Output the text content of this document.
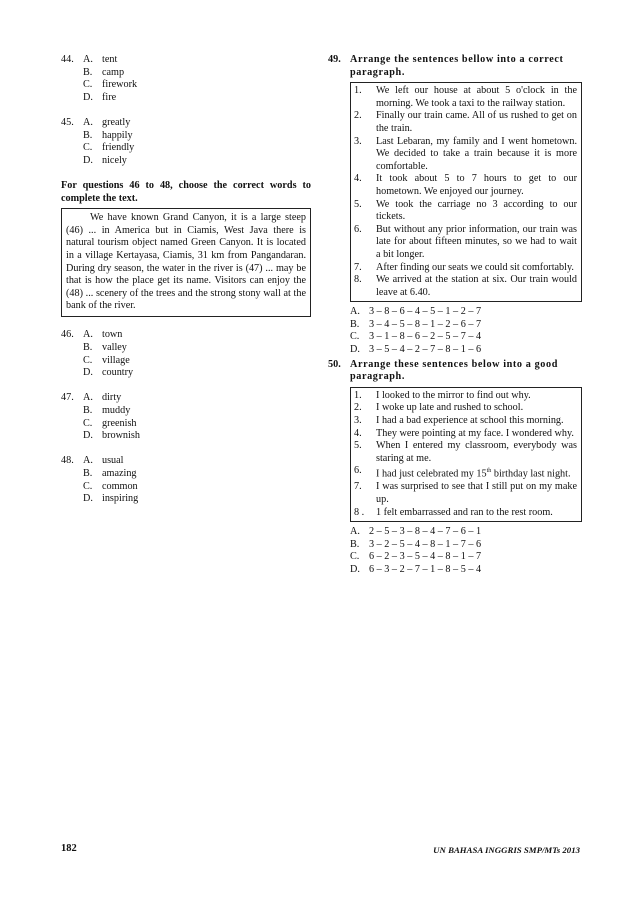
44. A. tent
B. camp
C. firework
D. fire
45. A. greatly
B. happily
C. friendly
D. nicely

For questions 46 to 48, choose the correct words to complete the text.

We have known Grand Canyon, it is a large steep (46) ... in America but in Ciamis, West Java there is natural tourism object named Green Canyon. It is located in a village Kertayasa, Ciamis, 31 km from Pangandaran. During dry season, the water in the river is (47) ... may be that is how the place get its name. Visitors can enjoy the (48) ... scenery of the trees and the strong stony wall at the bank of the river.

46. A. town
B. valley
C. village
D. country
47. A. dirty
B. muddy
C. greenish
D. brownish
48. A. usual
B. amazing
C. common
D. inspiring
49. Arrange the sentences bellow into a correct paragraph.
1.	We left our house at about 5 o'clock in the morning. We took a taxi to the railway station.
2.	Finally our train came. All of us rushed to get on the train.
3.	Last Lebaran, my family and I went hometown. We decided to take a train because it is more comfortable.
4.	It took about 5 to 7 hours to get to our hometown. We enjoyed our journey.
5.	We took the carriage no 3 according to our tickets.
6.	But without any prior information, our train was late for about fifteen minutes, so we had to wait a bit longer.
7.	After finding our seats we could sit comfortably.
8.	We arrived at the station at six. Our train would leave at 6.40.
A. 3 – 8 – 6 – 4 – 5 – 1 – 2 – 7
B. 3 – 4 – 5 – 8 – 1 – 2 – 6 – 7
C. 3 – 1 – 8 – 6 – 2 – 5 – 7 – 4
D. 3 – 5 – 4 – 2 – 7 – 8 – 1 – 6
50. Arrange these sentences below into a good paragraph.
1.	I looked to the mirror to find out why.
2.	I woke up late and rushed to school.
3.	I had a bad experience at school this morning.
4.	They were pointing at my face. I wondered why.
5.	When I entered my classroom, everybody was staring at me.
6.	I had just celebrated my 15th birthday last night.
7.	I was surprised to see that I still put on my make up.
8 .	1 felt embarrassed and ran to the rest room.
A. 2 – 5 – 3 – 8 – 4 – 7 – 6 – 1
B. 3 – 2 – 5 – 4 – 8 – 1 – 7 – 6
C. 6 – 2 – 3 – 5 – 4 – 8 – 1 – 7
D. 6 – 3 – 2 – 7 – 1 – 8 – 5 – 4
182	UN BAHASA INGGRIS SMP/MTs 2013
